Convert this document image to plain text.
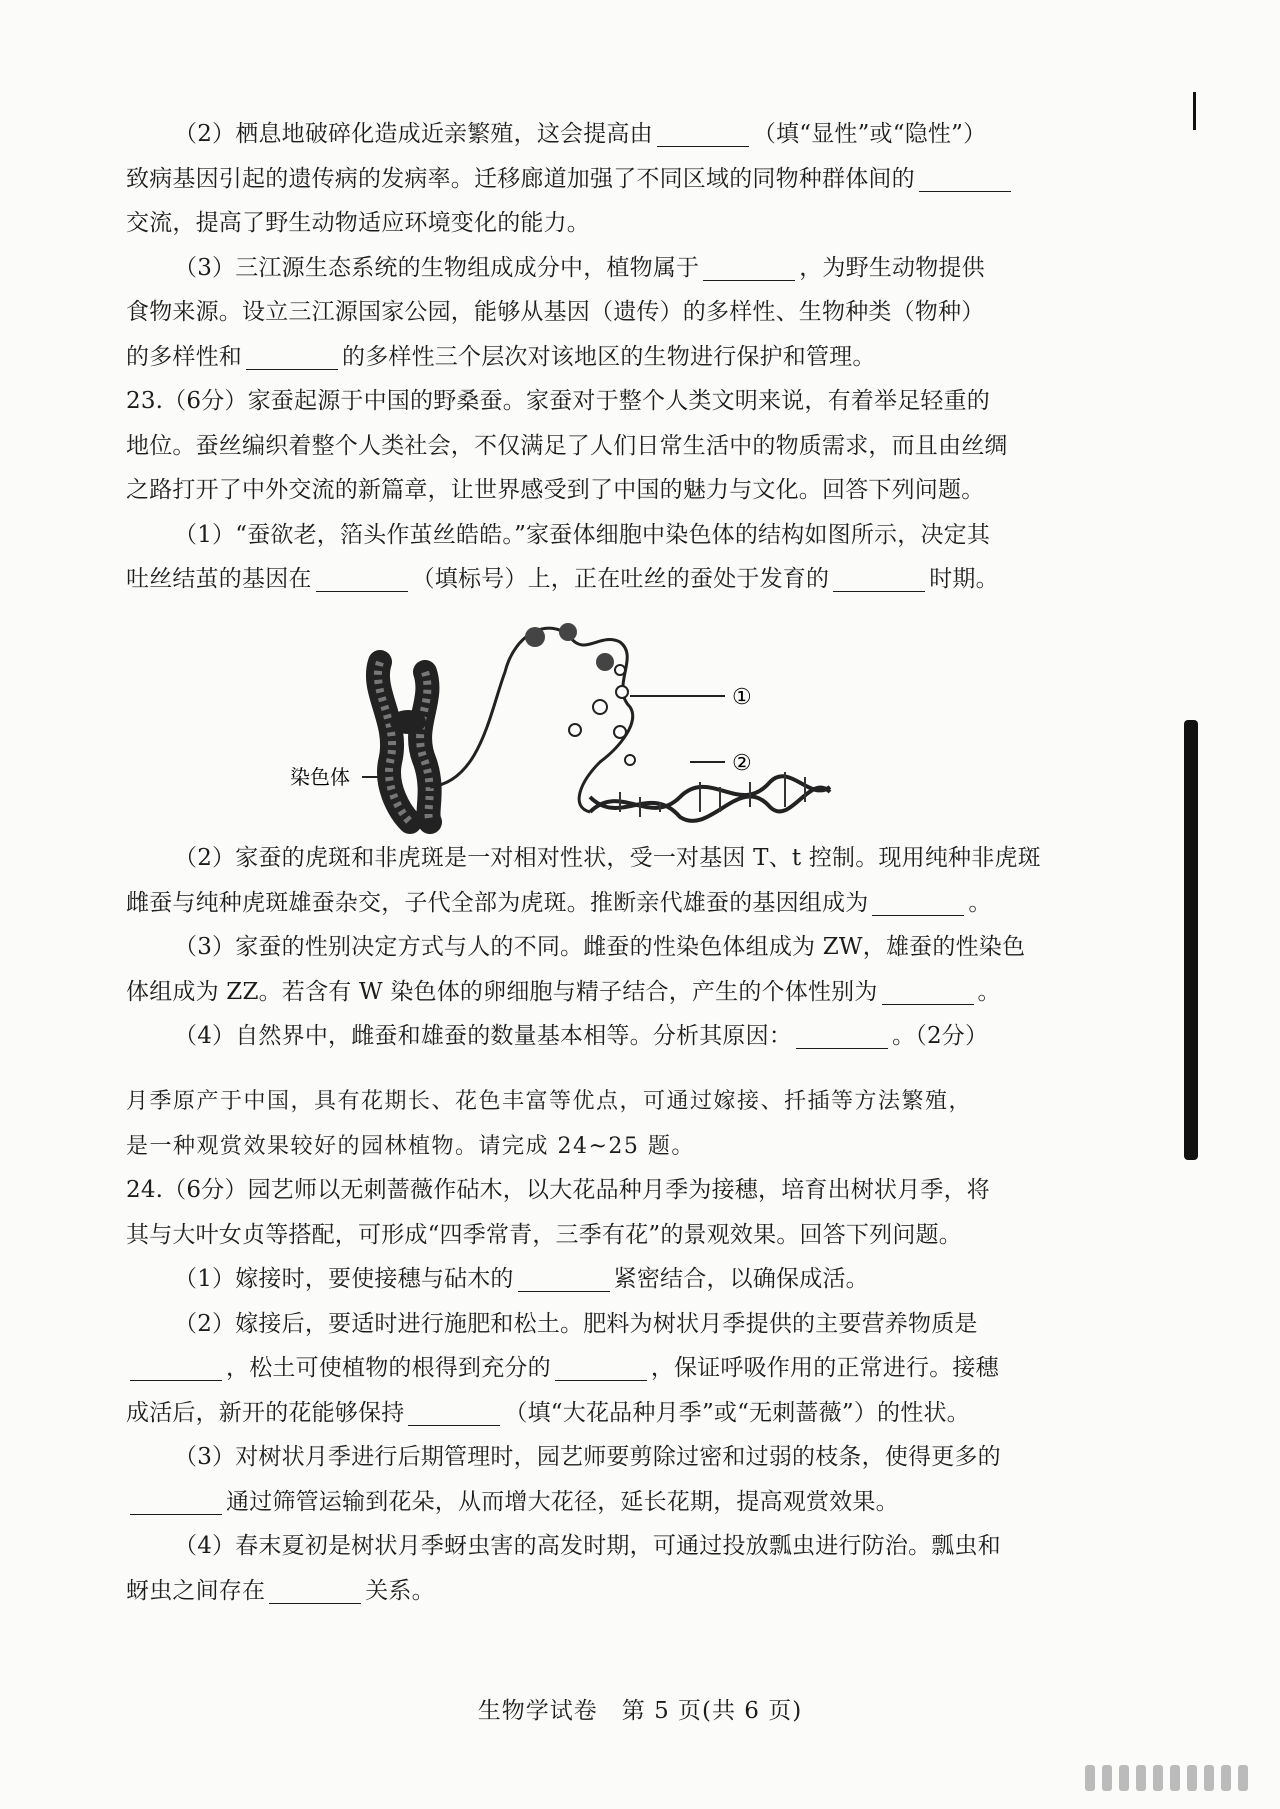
（2）栖息地破碎化造成近亲繁殖，这会提高由	（填“显性”或“隐性”）
致病基因引起的遗传病的发病率。迁移廊道加强了不同区域的同物种群体间的
交流，提高了野生动物适应环境变化的能力。
（3）三江源生态系统的生物组成成分中，植物属于	，为野生动物提供
食物来源。设立三江源国家公园，能够从基因（遗传）的多样性、生物种类（物种）
的多样性和	的多样性三个层次对该地区的生物进行保护和管理。
23.（6分）家蚕起源于中国的野桑蚕。家蚕对于整个人类文明来说，有着举足轻重的
地位。蚕丝编织着整个人类社会，不仅满足了人们日常生活中的物质需求，而且由丝绸
之路打开了中外交流的新篇章，让世界感受到了中国的魅力与文化。回答下列问题。
（1）“蚕欲老，箔头作茧丝皓皓。”家蚕体细胞中染色体的结构如图所示，决定其
吐丝结茧的基因在	（填标号）上，正在吐丝的蚕处于发育的	时期。
①
②
染色体
（2）家蚕的虎斑和非虎斑是一对相对性状，受一对基因 T、t 控制。现用纯种非虎斑
雌蚕与纯种虎斑雄蚕杂交，子代全部为虎斑。推断亲代雄蚕的基因组成为	。
（3）家蚕的性别决定方式与人的不同。雌蚕的性染色体组成为 ZW，雄蚕的性染色
体组成为 ZZ。若含有 W 染色体的卵细胞与精子结合，产生的个体性别为	。
（4）自然界中，雌蚕和雄蚕的数量基本相等。分析其原因：	。（2分）
月季原产于中国，具有花期长、花色丰富等优点，可通过嫁接、扦插等方法繁殖，
是一种观赏效果较好的园林植物。请完成 24~25 题。
24.（6分）园艺师以无刺蔷薇作砧木，以大花品种月季为接穗，培育出树状月季，将
其与大叶女贞等搭配，可形成“四季常青，三季有花”的景观效果。回答下列问题。
（1）嫁接时，要使接穗与砧木的	紧密结合，以确保成活。
（2）嫁接后，要适时进行施肥和松土。肥料为树状月季提供的主要营养物质是
，松土可使植物的根得到充分的	，保证呼吸作用的正常进行。接穗
成活后，新开的花能够保持	（填“大花品种月季”或“无刺蔷薇”）的性状。
（3）对树状月季进行后期管理时，园艺师要剪除过密和过弱的枝条，使得更多的
通过筛管运输到花朵，从而增大花径，延长花期，提高观赏效果。
（4）春末夏初是树状月季蚜虫害的高发时期，可通过投放瓢虫进行防治。瓢虫和
蚜虫之间存在	关系。
生物学试卷　第 5 页(共 6 页)
